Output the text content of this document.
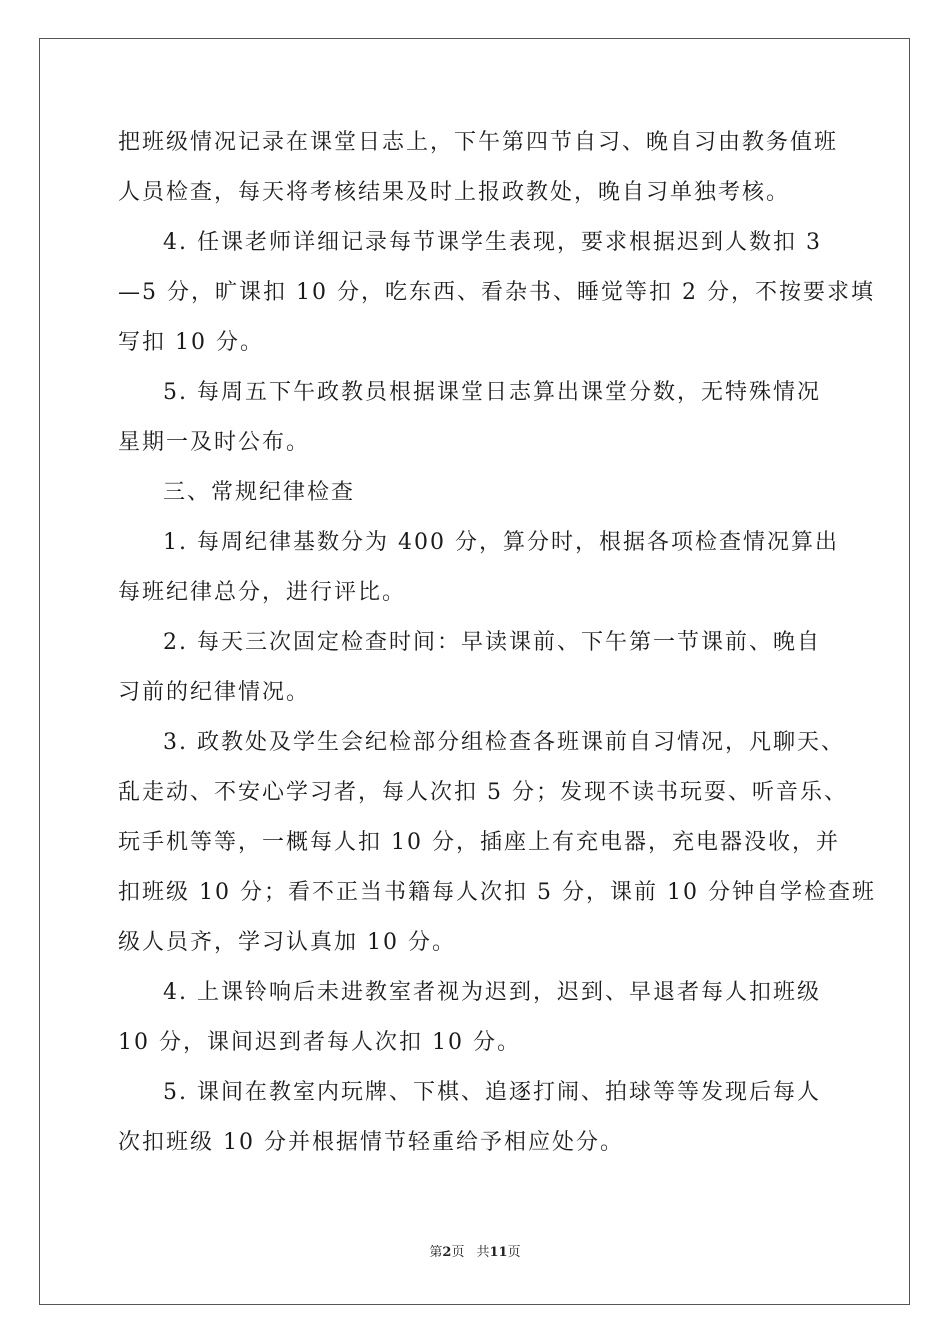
把班级情况记录在课堂日志上，下午第四节自习、晚自习由教务值班
人员检查，每天将考核结果及时上报政教处，晚自习单独考核。
4. 任课老师详细记录每节课学生表现，要求根据迟到人数扣 3
—5 分，旷课扣 10 分，吃东西、看杂书、睡觉等扣 2 分，不按要求填
写扣 10 分。
5. 每周五下午政教员根据课堂日志算出课堂分数，无特殊情况
星期一及时公布。
三、常规纪律检查
1. 每周纪律基数分为 400 分，算分时，根据各项检查情况算出
每班纪律总分，进行评比。
2. 每天三次固定检查时间：早读课前、下午第一节课前、晚自
习前的纪律情况。
3. 政教处及学生会纪检部分组检查各班课前自习情况，凡聊天、
乱走动、不安心学习者，每人次扣 5 分；发现不读书玩耍、听音乐、
玩手机等等，一概每人扣 10 分，插座上有充电器，充电器没收，并
扣班级 10 分；看不正当书籍每人次扣 5 分，课前 10 分钟自学检查班
级人员齐，学习认真加 10 分。
4. 上课铃响后未进教室者视为迟到，迟到、早退者每人扣班级
10 分，课间迟到者每人次扣 10 分。
5. 课间在教室内玩牌、下棋、追逐打闹、拍球等等发现后每人
次扣班级 10 分并根据情节轻重给予相应处分。
第2页 共11页
